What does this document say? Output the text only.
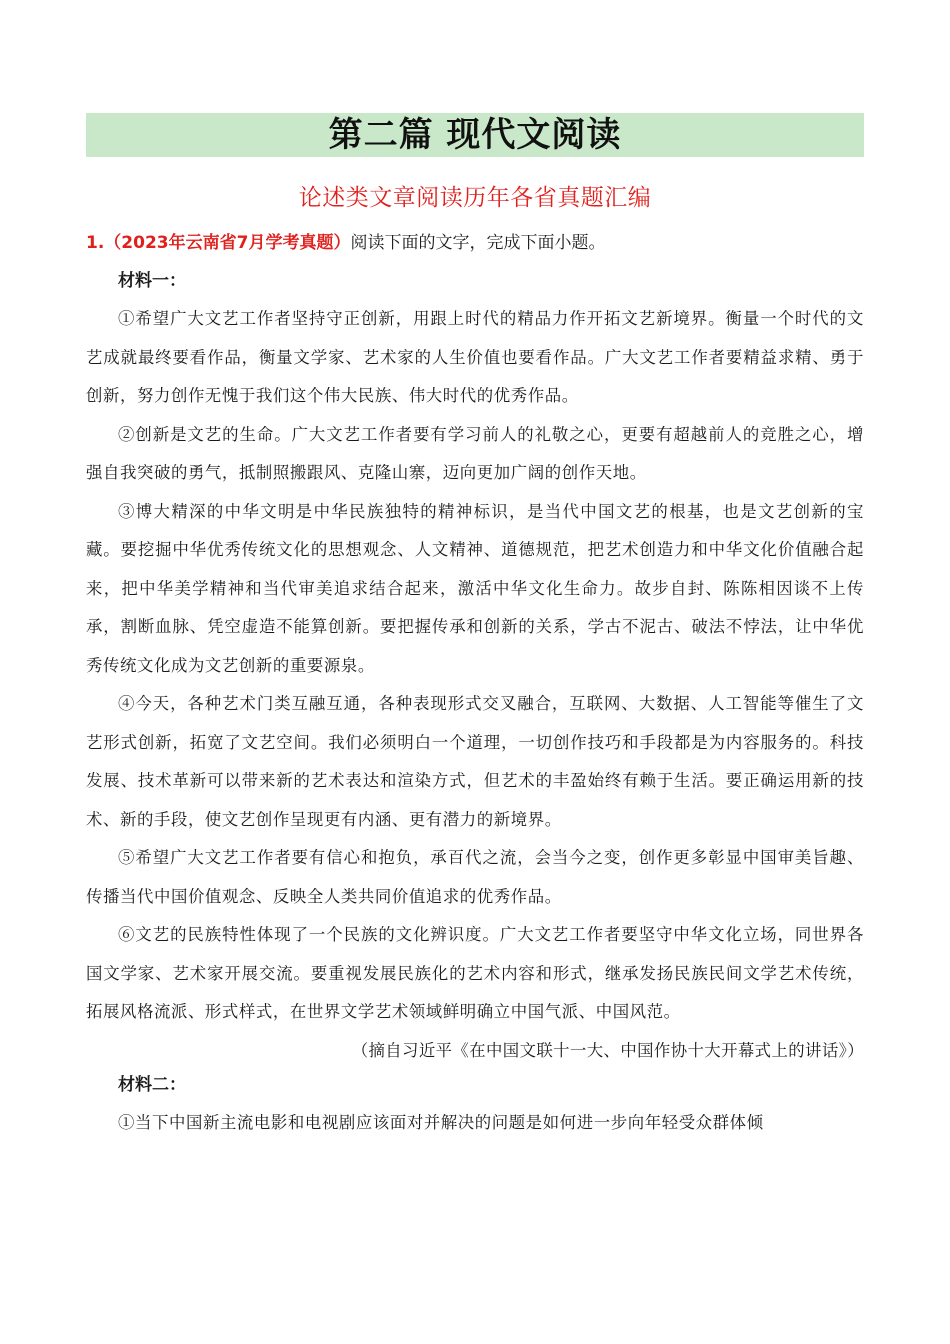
第二篇 现代文阅读
论述类文章阅读历年各省真题汇编
1.（2023年云南省7月学考真题）阅读下面的文字，完成下面小题。
材料一：

①希望广大文艺工作者坚持守正创新，用跟上时代的精品力作开拓文艺新境界。衡量一个时代的文艺成就最终要看作品，衡量文学家、艺术家的人生价值也要看作品。广大文艺工作者要精益求精、勇于创新，努力创作无愧于我们这个伟大民族、伟大时代的优秀作品。

②创新是文艺的生命。广大文艺工作者要有学习前人的礼敬之心，更要有超越前人的竞胜之心，增强自我突破的勇气，抵制照搬跟风、克隆山寨，迈向更加广阔的创作天地。

③博大精深的中华文明是中华民族独特的精神标识，是当代中国文艺的根基，也是文艺创新的宝藏。要挖掘中华优秀传统文化的思想观念、人文精神、道德规范，把艺术创造力和中华文化价值融合起来，把中华美学精神和当代审美追求结合起来，激活中华文化生命力。故步自封、陈陈相因谈不上传承，割断血脉、凭空虚造不能算创新。要把握传承和创新的关系，学古不泥古、破法不悖法，让中华优秀传统文化成为文艺创新的重要源泉。

④今天，各种艺术门类互融互通，各种表现形式交叉融合，互联网、大数据、人工智能等催生了文艺形式创新，拓宽了文艺空间。我们必须明白一个道理，一切创作技巧和手段都是为内容服务的。科技发展、技术革新可以带来新的艺术表达和渲染方式，但艺术的丰盈始终有赖于生活。要正确运用新的技术、新的手段，使文艺创作呈现更有内涵、更有潜力的新境界。

⑤希望广大文艺工作者要有信心和抱负，承百代之流，会当今之变，创作更多彰显中国审美旨趣、传播当代中国价值观念、反映全人类共同价值追求的优秀作品。

⑥文艺的民族特性体现了一个民族的文化辨识度。广大文艺工作者要坚守中华文化立场，同世界各国文学家、艺术家开展交流。要重视发展民族化的艺术内容和形式，继承发扬民族民间文学艺术传统，拓展风格流派、形式样式，在世界文学艺术领域鲜明确立中国气派、中国风范。

（摘自习近平《在中国文联十一大、中国作协十大开幕式上的讲话》）
材料二：

①当下中国新主流电影和电视剧应该面对并解决的问题是如何进一步向年轻受众群体倾
